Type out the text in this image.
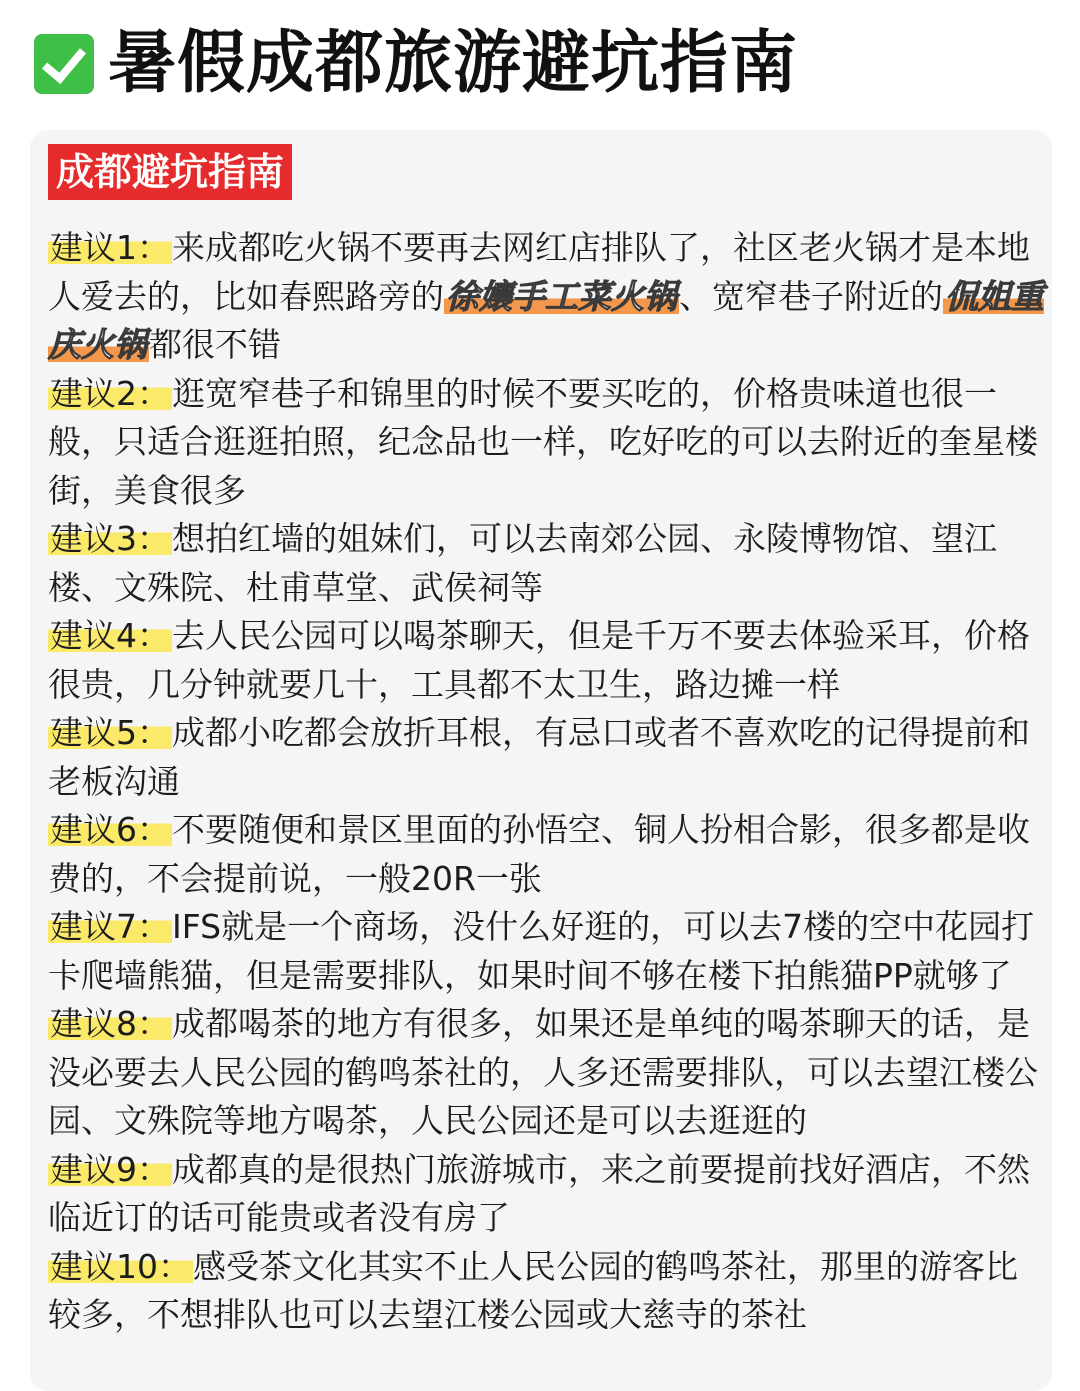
暑假成都旅游避坑指南
成都避坑指南

建议1：来成都吃火锅不要再去网红店排队了，社区老火锅才是本地人爱去的，比如春熙路旁的徐孃手工菜火锅、宽窄巷子附近的侃姐重庆火锅都很不错

建议2：逛宽窄巷子和锦里的时候不要买吃的，价格贵味道也很一般，只适合逛逛拍照，纪念品也一样，吃好吃的可以去附近的奎星楼街，美食很多

建议3：想拍红墙的姐妹们，可以去南郊公园、永陵博物馆、望江楼、文殊院、杜甫草堂、武侯祠等

建议4：去人民公园可以喝茶聊天，但是千万不要去体验采耳，价格很贵，几分钟就要几十，工具都不太卫生，路边摊一样

建议5：成都小吃都会放折耳根，有忌口或者不喜欢吃的记得提前和老板沟通

建议6：不要随便和景区里面的孙悟空、铜人扮相合影，很多都是收费的，不会提前说，一般20R一张

建议7：IFS就是一个商场，没什么好逛的，可以去7楼的空中花园打卡爬墙熊猫，但是需要排队，如果时间不够在楼下拍熊猫PP就够了

建议8：成都喝茶的地方有很多，如果还是单纯的喝茶聊天的话，是没必要去人民公园的鹤鸣茶社的，人多还需要排队，可以去望江楼公园、文殊院等地方喝茶，人民公园还是可以去逛逛的

建议9：成都真的是很热门旅游城市，来之前要提前找好酒店，不然临近订的话可能贵或者没有房了

建议10：感受茶文化其实不止人民公园的鹤鸣茶社，那里的游客比较多，不想排队也可以去望江楼公园或大慈寺的茶社
